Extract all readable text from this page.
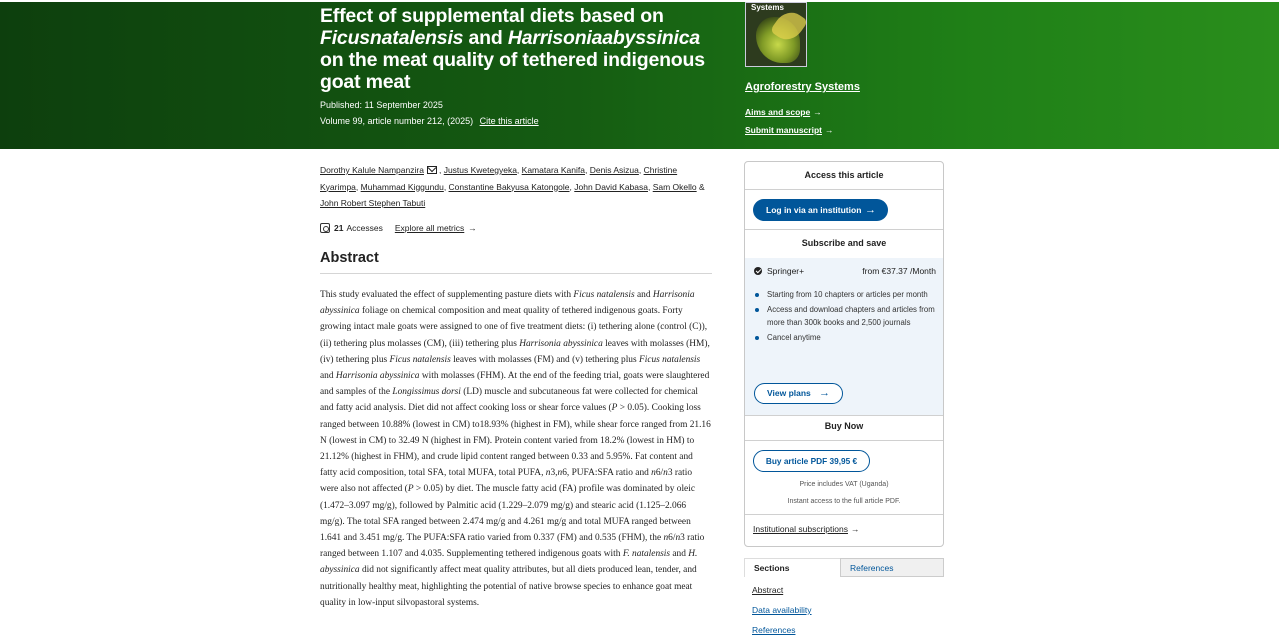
Effect of supplemental diets based on Ficusnatalensis and Harrisoniaabyssinica on the meat quality of tethered indigenous goat meat
Published: 11 September 2025
Volume 99, article number 212, (2025) Cite this article
Systems
Agroforestry Systems
Aims and scope →
Submit manuscript →
Dorothy Kalule Nampanzira , Justus Kwetegyeka, Kamatara Kanifa, Denis Asizua, Christine Kyarimpa, Muhammad Kiggundu, Constantine Bakyusa Katongole, John David Kabasa, Sam Okello & John Robert Stephen Tabuti
21 Accesses Explore all metrics →
Abstract

This study evaluated the effect of supplementing pasture diets with Ficus natalensis and Harrisonia abyssinica foliage on chemical composition and meat quality of tethered indigenous goats. Forty growing intact male goats were assigned to one of five treatment diets: (i) tethering alone (control (C)), (ii) tethering plus molasses (CM), (iii) tethering plus Harrisonia abyssinica leaves with molasses (HM), (iv) tethering plus Ficus natalensis leaves with molasses (FM) and (v) tethering plus Ficus natalensis and Harrisonia abyssinica with molasses (FHM). At the end of the feeding trial, goats were slaughtered and samples of the Longissimus dorsi (LD) muscle and subcutaneous fat were collected for chemical and fatty acid analysis. Diet did not affect cooking loss or shear force values (P > 0.05). Cooking loss ranged between 10.88% (lowest in CM) to18.93% (highest in FM), while shear force ranged from 21.16 N (lowest in CM) to 32.49 N (highest in FM). Protein content varied from 18.2% (lowest in HM) to 21.12% (highest in FHM), and crude lipid content ranged between 0.33 and 5.95%. Fat content and fatty acid composition, total SFA, total MUFA, total PUFA, n3,n6, PUFA:SFA ratio and n6/n3 ratio were also not affected (P > 0.05) by diet. The muscle fatty acid (FA) profile was dominated by oleic (1.472–3.097 mg/g), followed by Palmitic acid (1.229–2.079 mg/g) and stearic acid (1.125–2.066 mg/g). The total SFA ranged between 2.474 mg/g and 4.261 mg/g and total MUFA ranged between 1.641 and 3.451 mg/g. The PUFA:SFA ratio varied from 0.337 (FM) and 0.535 (FHM), the n6/n3 ratio ranged between 1.107 and 4.035. Supplementing tethered indigenous goats with F. natalensis and H. abyssinica did not significantly affect meat quality attributes, but all diets produced lean, tender, and nutritionally healthy meat, highlighting the potential of native browse species to enhance goat meat quality in low-input silvopastoral systems.

Access this article
Log in via an institution →
Subscribe and save
Springer+	from €37.37 /Month
Starting from 10 chapters or articles per month
Access and download chapters and articles from more than 300k books and 2,500 journals
Cancel anytime
View plans →
Buy Now
Buy article PDF 39,95 €
Price includes VAT (Uganda)
Instant access to the full article PDF.
Institutional subscriptions →
Sections	References
Abstract
Data availability
References
